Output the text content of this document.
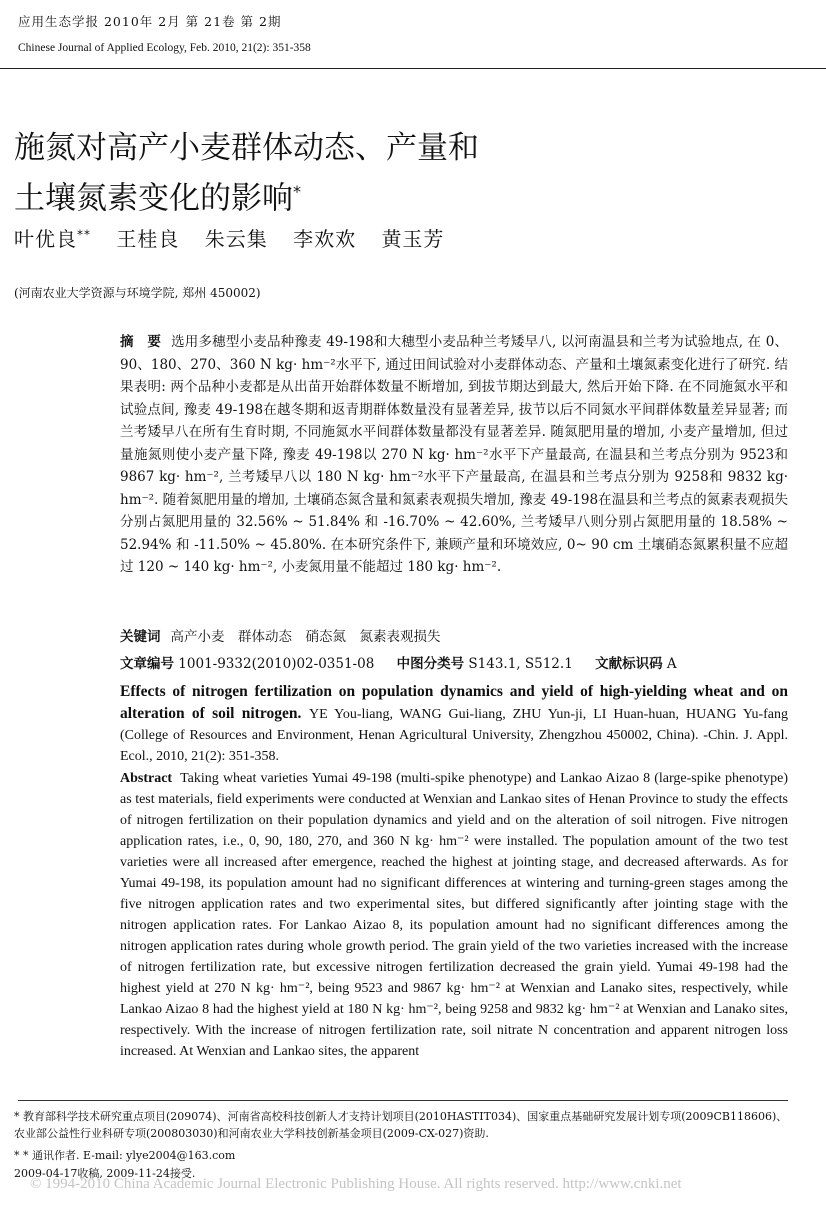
应用生态学报 2010年 2月 第 21卷 第 2期
Chinese Journal of Applied Ecology, Feb. 2010, 21(2): 351-358
施氮对高产小麦群体动态、产量和
土壤氮素变化的影响*
叶优良** 王桂良 朱云集 李欢欢 黄玉芳
(河南农业大学资源与环境学院, 郑州 450002)
摘　要 选用多穗型小麦品种豫麦 49-198和大穗型小麦品种兰考矮早八, 以河南温县和兰考为试验地点, 在 0、90、180、270、360 N kg· hm⁻²水平下, 通过田间试验对小麦群体动态、产量和土壤氮素变化进行了研究. 结果表明: 两个品种小麦都是从出苗开始群体数量不断增加, 到拔节期达到最大, 然后开始下降. 在不同施氮水平和试验点间, 豫麦 49-198在越冬期和返青期群体数量没有显著差异, 拔节以后不同氮水平间群体数量差异显著; 而兰考矮早八在所有生育时期, 不同施氮水平间群体数量都没有显著差异. 随氮肥用量的增加, 小麦产量增加, 但过量施氮则使小麦产量下降, 豫麦 49-198以 270 N kg· hm⁻²水平下产量最高, 在温县和兰考点分别为 9523和 9867 kg· hm⁻², 兰考矮早八以 180 N kg· hm⁻²水平下产量最高, 在温县和兰考点分别为 9258和 9832 kg· hm⁻². 随着氮肥用量的增加, 土壤硝态氮含量和氮素表观损失增加, 豫麦 49-198在温县和兰考点的氮素表观损失分别占氮肥用量的 32.56% ~ 51.84% 和 -16.70% ~ 42.60%, 兰考矮早八则分别占氮肥用量的 18.58% ~ 52.94% 和 -11.50% ~ 45.80%. 在本研究条件下, 兼顾产量和环境效应, 0~ 90 cm 土壤硝态氮累积量不应超过 120 ~ 140 kg· hm⁻², 小麦氮用量不能超过 180 kg· hm⁻².
关键词 高产小麦　群体动态　硝态氮　氮素表观损失
文章编号 1001-9332(2010)02-0351-08 中图分类号 S143.1, S512.1 文献标识码 A
Effects of nitrogen fertilization on population dynamics and yield of high-yielding wheat and on alteration of soil nitrogen. YE You-liang, WANG Gui-liang, ZHU Yun-ji, LI Huan-huan, HUANG Yu-fang (College of Resources and Environment, Henan Agricultural University, Zhengzhou 450002, China). -Chin. J. Appl. Ecol., 2010, 21(2): 351-358.
Abstract Taking wheat varieties Yumai 49-198 (multi-spike phenotype) and Lankao Aizao 8 (large-spike phenotype) as test materials, field experiments were conducted at Wenxian and Lankao sites of Henan Province to study the effects of nitrogen fertilization on their population dynamics and yield and on the alteration of soil nitrogen. Five nitrogen application rates, i.e., 0, 90, 180, 270, and 360 N kg· hm⁻² were installed. The population amount of the two test varieties were all increased after emergence, reached the highest at jointing stage, and decreased afterwards. As for Yumai 49-198, its population amount had no significant differences at wintering and turning-green stages among the five nitrogen application rates and two experimental sites, but differed significantly after jointing stage with the nitrogen application rates. For Lankao Aizao 8, its population amount had no significant differences among the nitrogen application rates during whole growth period. The grain yield of the two varieties increased with the increase of nitrogen fertilization rate, but excessive nitrogen fertilization decreased the grain yield. Yumai 49-198 had the highest yield at 270 N kg· hm⁻², being 9523 and 9867 kg· hm⁻² at Wenxian and Lanako sites, respectively, while Lankao Aizao 8 had the highest yield at 180 N kg· hm⁻², being 9258 and 9832 kg· hm⁻² at Wenxian and Lanako sites, respectively. With the increase of nitrogen fertilization rate, soil nitrate N concentration and apparent nitrogen loss increased. At Wenxian and Lankao sites, the apparent
* 教育部科学技术研究重点项目(209074)、河南省高校科技创新人才支持计划项目(2010HASTIT034)、国家重点基础研究发展计划专项(2009CB118606)、农业部公益性行业科研专项(200803030)和河南农业大学科技创新基金项目(2009-CX-027)资助.
* * 通讯作者. E-mail: ylye2004@163.com
2009-04-17收稿, 2009-11-24接受.
© 1994-2010 China Academic Journal Electronic Publishing House. All rights reserved. http://www.cnki.net
